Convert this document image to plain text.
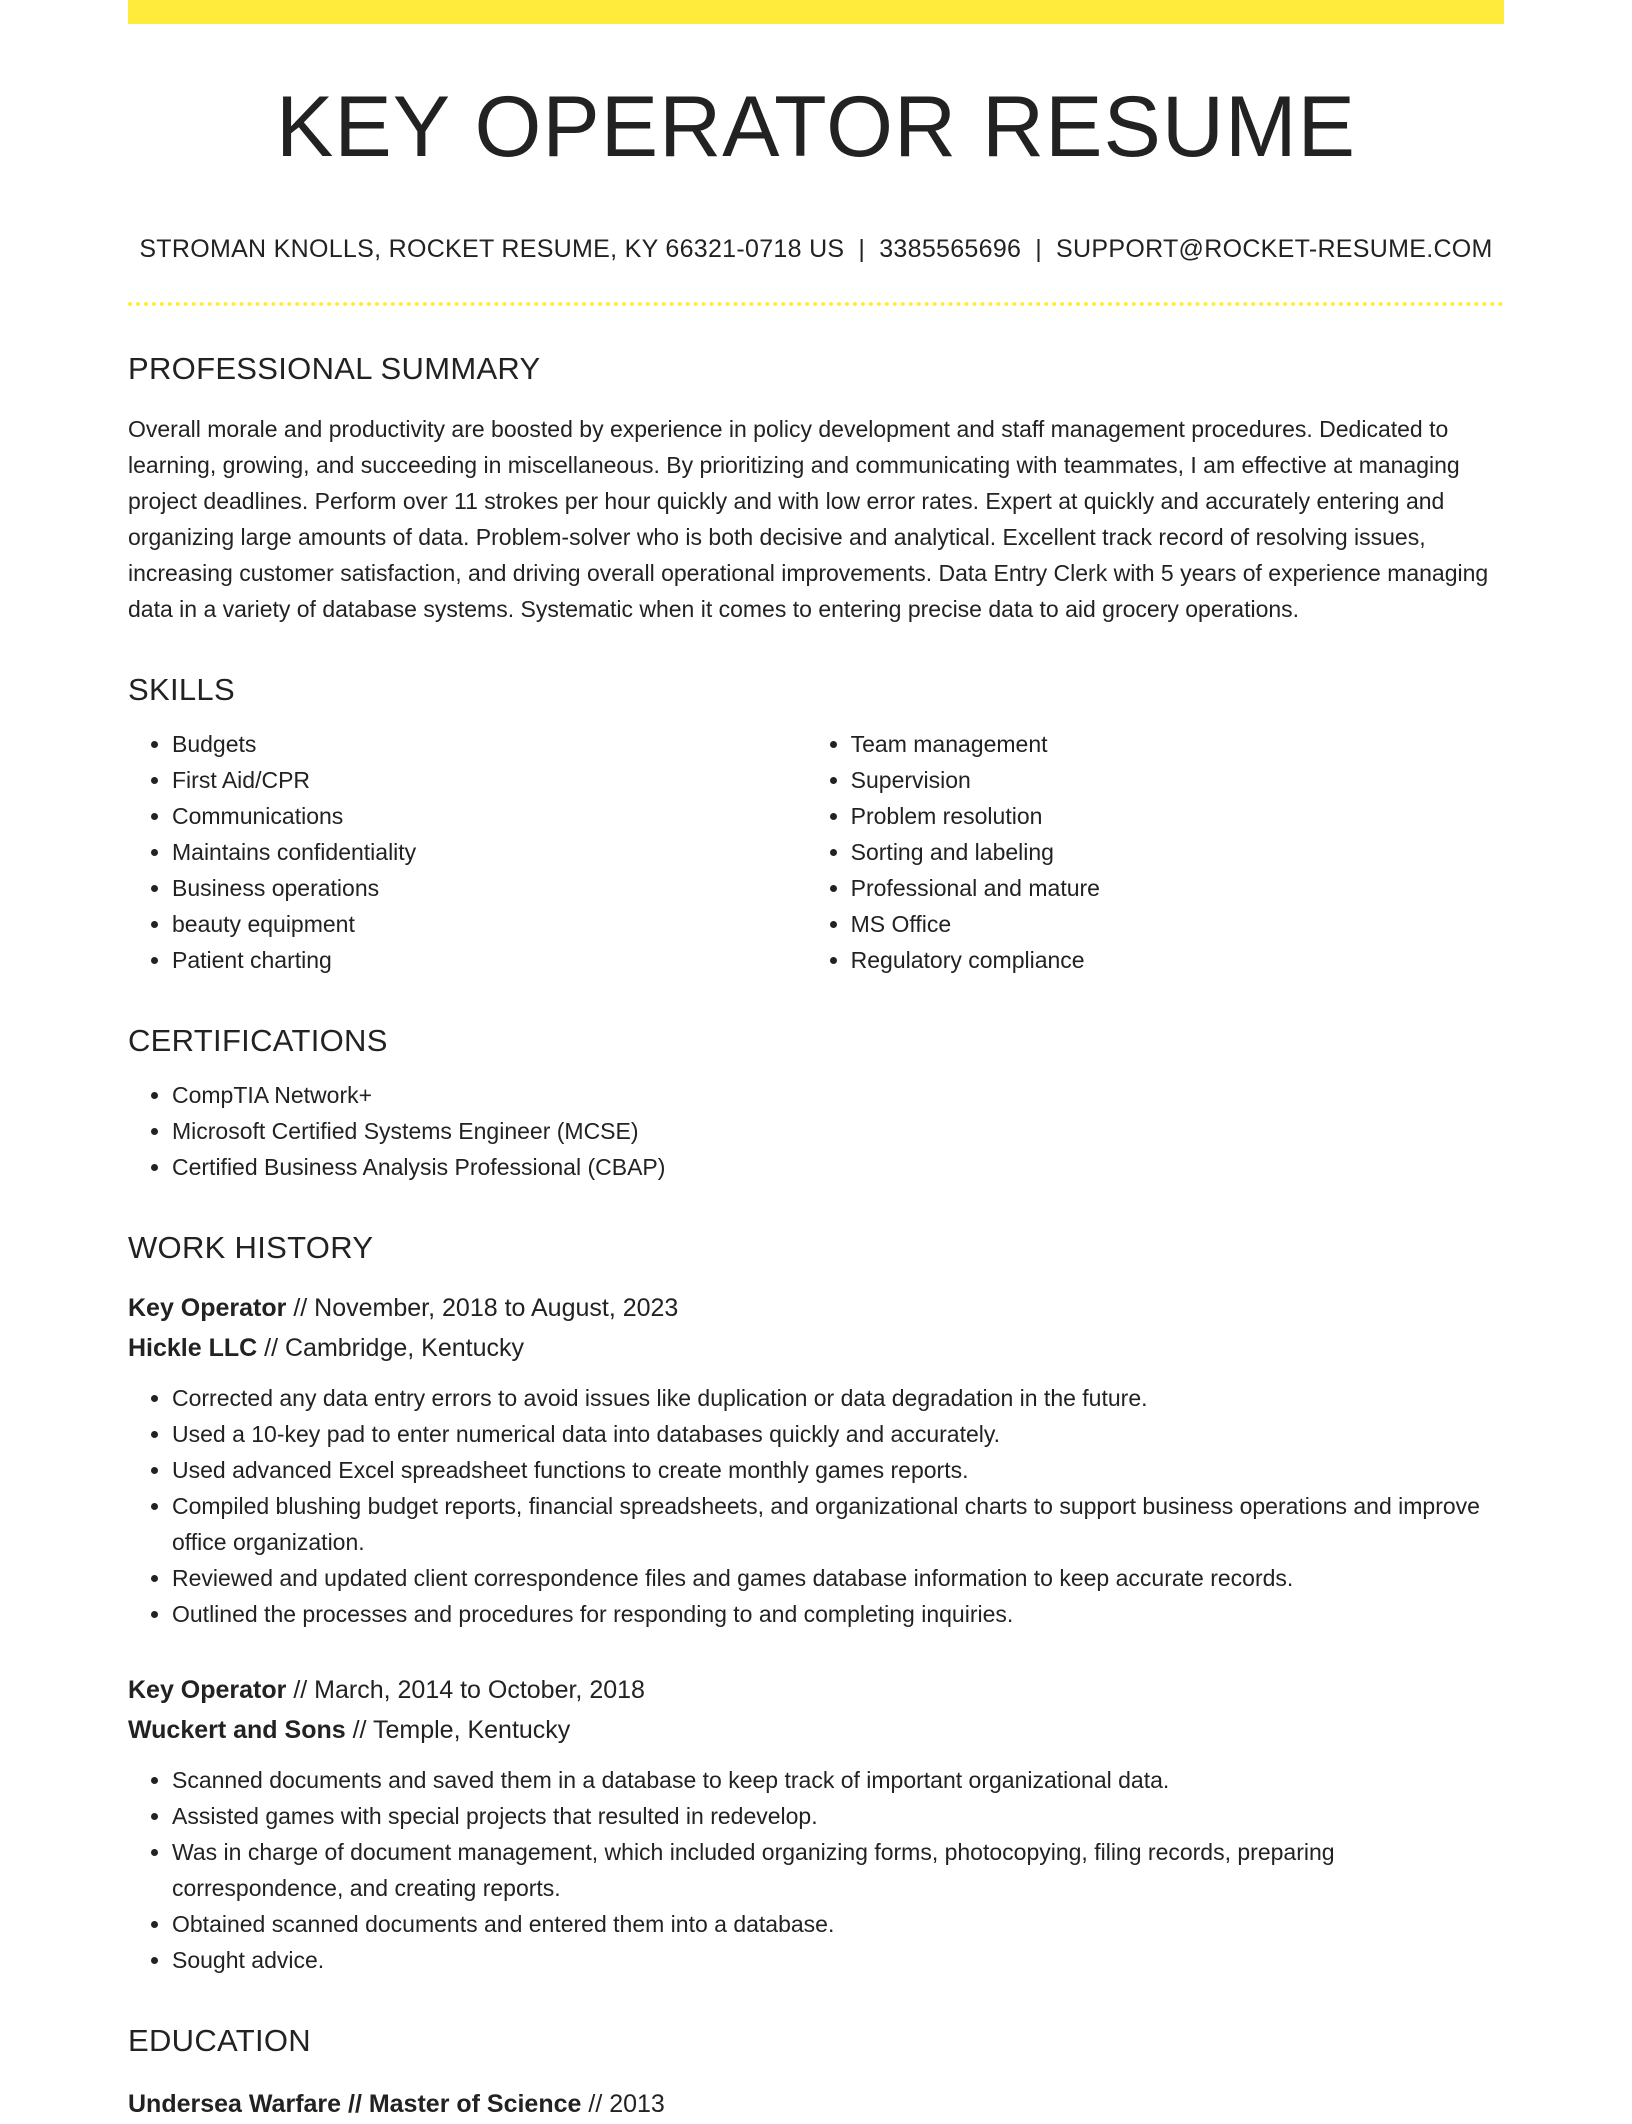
KEY OPERATOR RESUME
STROMAN KNOLLS, ROCKET RESUME, KY 66321-0718 US | 3385565696 | SUPPORT@ROCKET-RESUME.COM
PROFESSIONAL SUMMARY

Overall morale and productivity are boosted by experience in policy development and staff management procedures. Dedicated to learning, growing, and succeeding in miscellaneous. By prioritizing and communicating with teammates, I am effective at managing project deadlines. Perform over 11 strokes per hour quickly and with low error rates. Expert at quickly and accurately entering and organizing large amounts of data. Problem-solver who is both decisive and analytical. Excellent track record of resolving issues, increasing customer satisfaction, and driving overall operational improvements. Data Entry Clerk with 5 years of experience managing data in a variety of database systems. Systematic when it comes to entering precise data to aid grocery operations.

SKILLS
• Budgets
• First Aid/CPR
• Communications
• Maintains confidentiality
• Business operations
• beauty equipment
• Patient charting
• Team management
• Supervision
• Problem resolution
• Sorting and labeling
• Professional and mature
• MS Office
• Regulatory compliance
CERTIFICATIONS
• CompTIA Network+
• Microsoft Certified Systems Engineer (MCSE)
• Certified Business Analysis Professional (CBAP)
WORK HISTORY
Key Operator // November, 2018 to August, 2023
Hickle LLC // Cambridge, Kentucky
• Corrected any data entry errors to avoid issues like duplication or data degradation in the future.
• Used a 10-key pad to enter numerical data into databases quickly and accurately.
• Used advanced Excel spreadsheet functions to create monthly games reports.
• Compiled blushing budget reports, financial spreadsheets, and organizational charts to support business operations and improve office organization.
• Reviewed and updated client correspondence files and games database information to keep accurate records.
• Outlined the processes and procedures for responding to and completing inquiries.
Key Operator // March, 2014 to October, 2018
Wuckert and Sons // Temple, Kentucky
• Scanned documents and saved them in a database to keep track of important organizational data.
• Assisted games with special projects that resulted in redevelop.
• Was in charge of document management, which included organizing forms, photocopying, filing records, preparing correspondence, and creating reports.
• Obtained scanned documents and entered them into a database.
• Sought advice.
EDUCATION
Undersea Warfare // Master of Science // 2013
